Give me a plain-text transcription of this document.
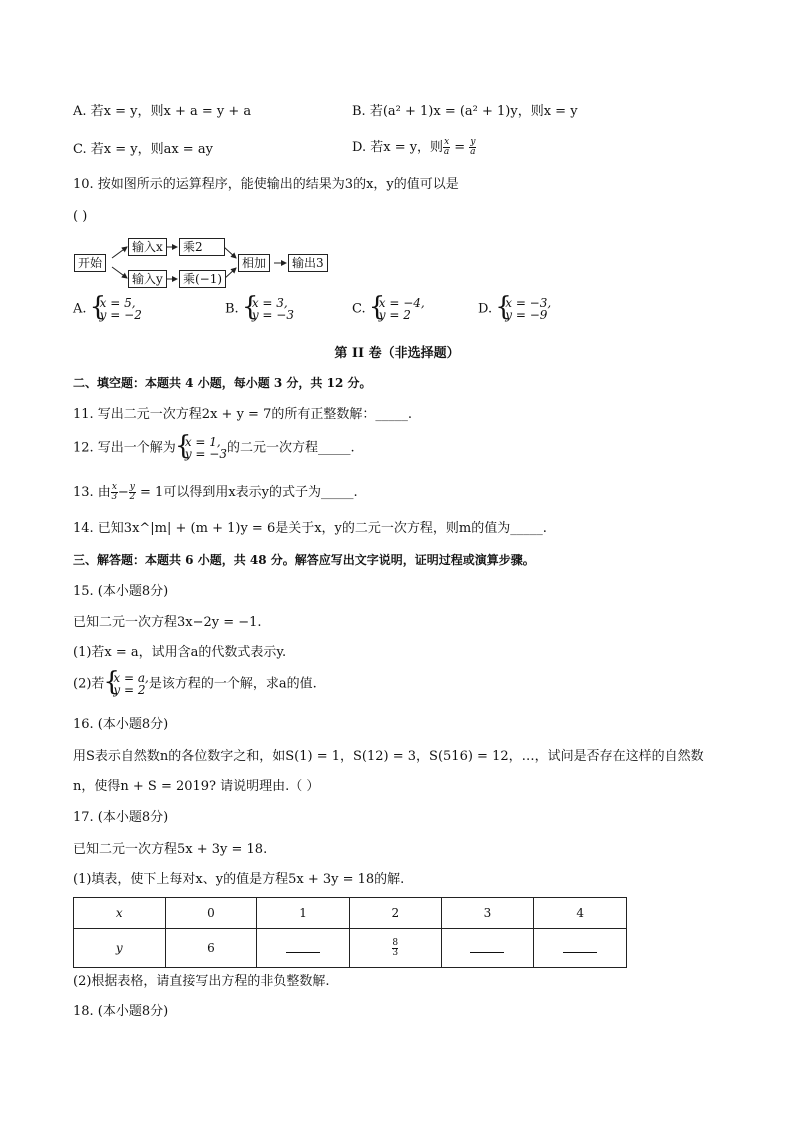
A. 若x = y，则x + a = y + a	B. 若(a² + 1)x = (a² + 1)y，则x = y
C. 若x = y，则ax = ay	D. 若x = y，则 $\frac{x}{a} = \frac{y}{a}$
10. 按如图所示的运算程序，能使输出的结果为3的x，y的值可以是
( )
开始
输入x	乘2
输入y	乘(−1)
相加	输出3
A. { x = 5,
y = −2	B. { x = 3,
y = −3	C. { x = −4,
y = 2	D. { x = −3,
y = −9
第 II 卷（非选择题）
二、填空题：本题共 4 小题，每小题 3 分，共 12 分。
11. 写出二元一次方程2x + y = 7的所有正整数解：_____.
12. 写出一个解为 { x = 1,
y = −3 的二元一次方程_____.
13. 由 $\frac{x}{3} - \frac{y}{2} = 1$可以得到用x表示y的式子为_____.
14. 已知3x^|m| + (m + 1)y = 6是关于x，y的二元一次方程，则m的值为_____.
三、解答题：本题共 6 小题，共 48 分。解答应写出文字说明，证明过程或演算步骤。
15. (本小题8分)
已知二元一次方程3x−2y = −1.
(1)若x = a，试用含a的代数式表示y.
(2)若 { x = a,
y = 2 是该方程的一个解，求a的值.
16. (本小题8分)
用S表示自然数n的各位数字之和，如S(1) = 1，S(12) = 3，S(516) = 12，…，试问是否存在这样的自然数
n，使得n + S = 2019? 请说明理由.（ ）
17. (本小题8分)
已知二元一次方程5x + 3y = 18.
(1)填表，使下上每对x、y的值是方程5x + 3y = 18的解.
x	0	1	2	3	4
y	6		$\frac{8}{3}$		
(2)根据表格，请直接写出方程的非负整数解.
18. (本小题8分)
